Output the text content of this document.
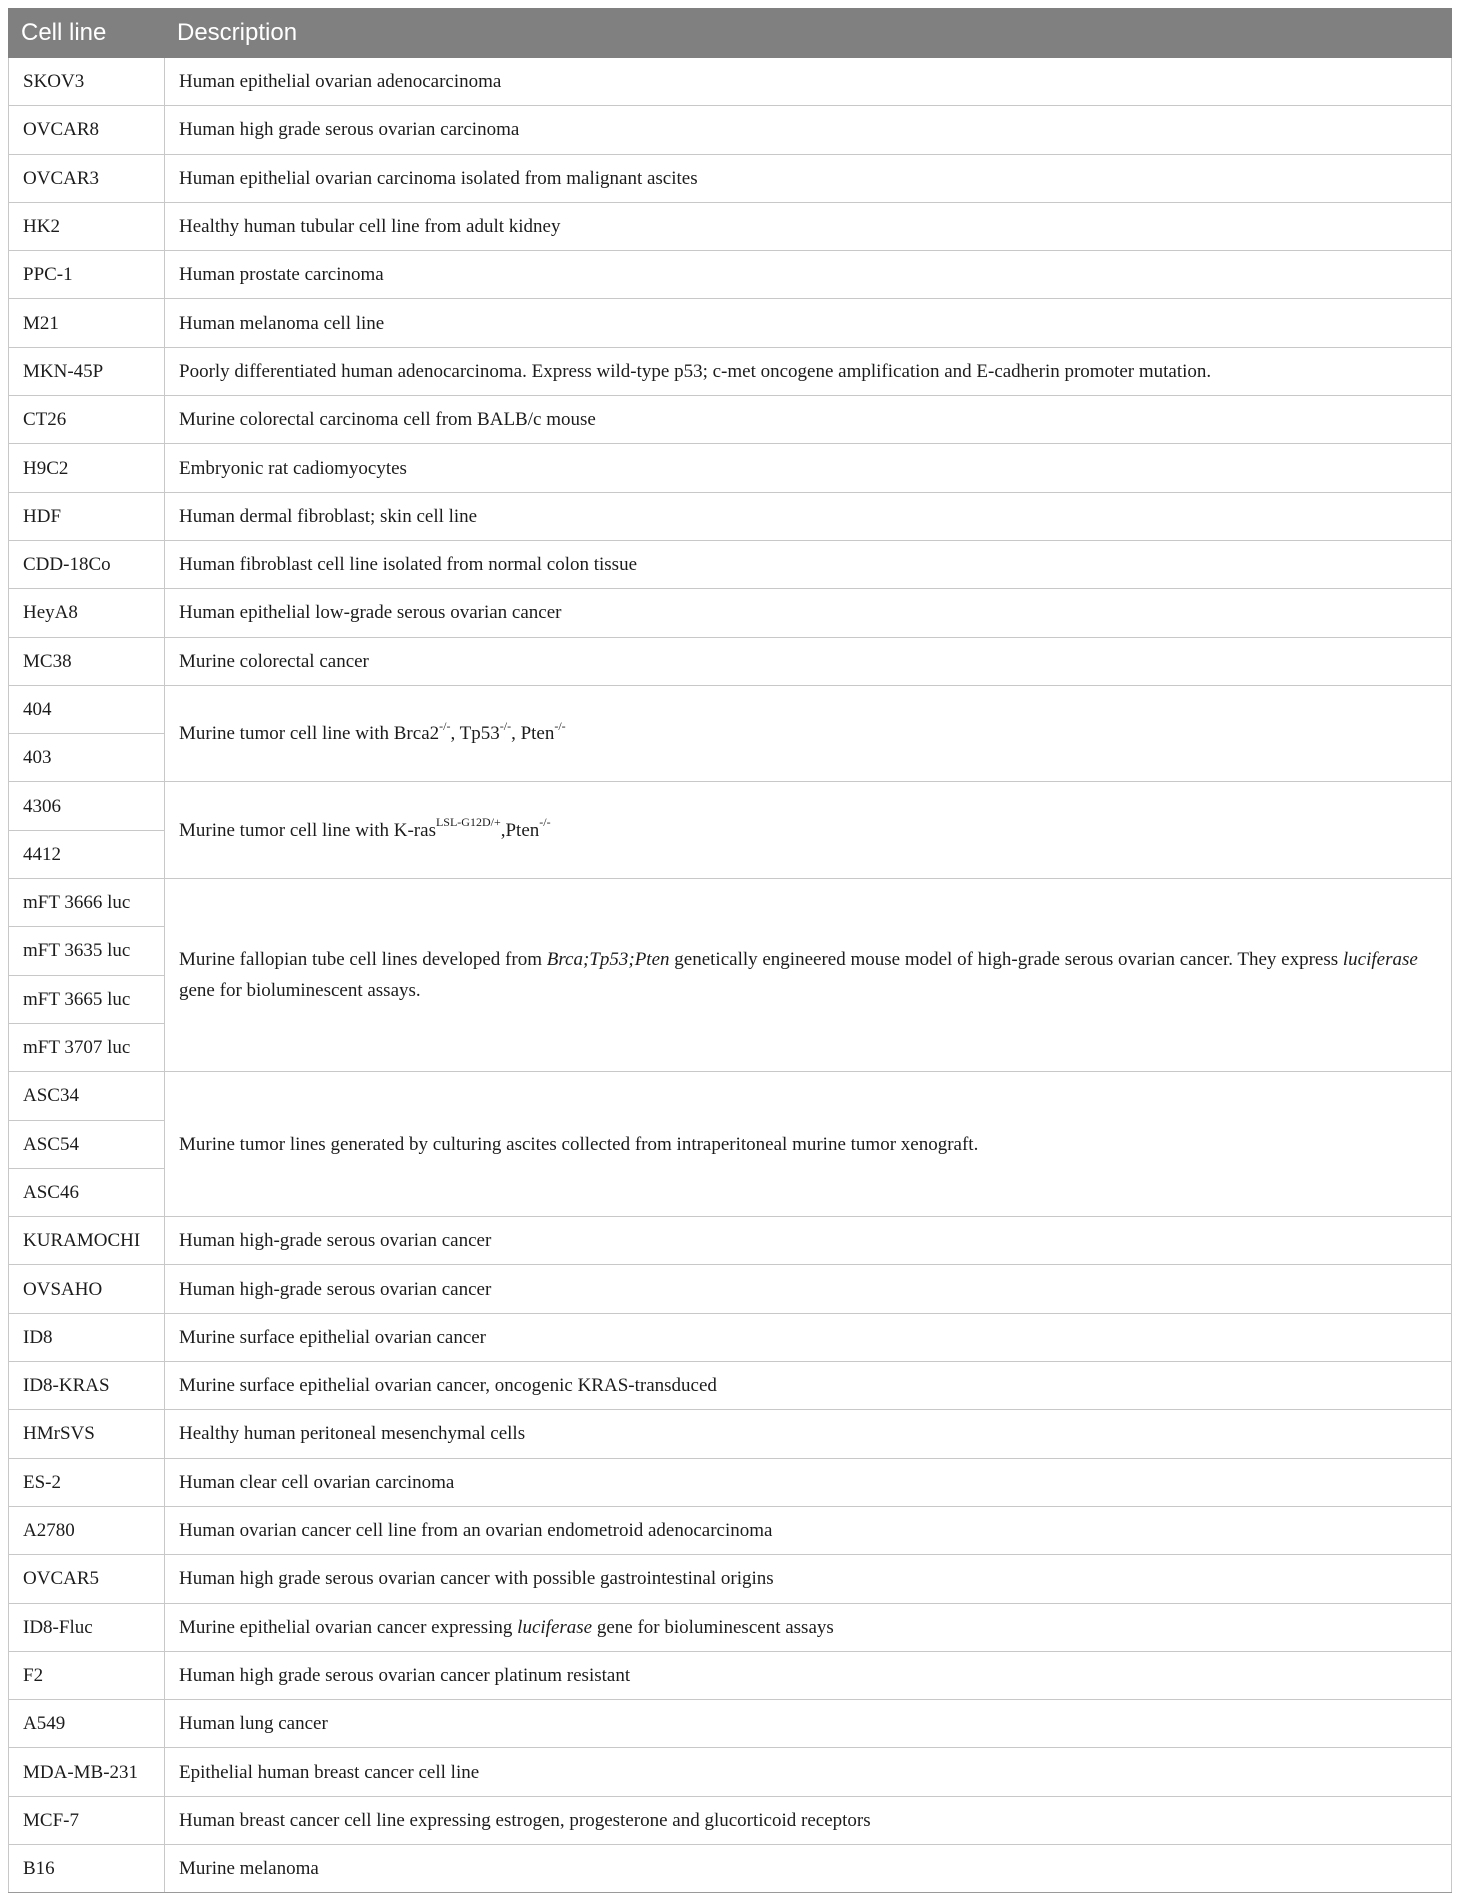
Cell line	Description
SKOV3	Human epithelial ovarian adenocarcinoma
OVCAR8	Human high grade serous ovarian carcinoma
OVCAR3	Human epithelial ovarian carcinoma isolated from malignant ascites
HK2	Healthy human tubular cell line from adult kidney
PPC-1	Human prostate carcinoma
M21	Human melanoma cell line
MKN-45P	Poorly differentiated human adenocarcinoma. Express wild-type p53; c-met oncogene amplification and E-cadherin promoter mutation.
CT26	Murine colorectal carcinoma cell from BALB/c mouse
H9C2	Embryonic rat cadiomyocytes
HDF	Human dermal fibroblast; skin cell line
CDD-18Co	Human fibroblast cell line isolated from normal colon tissue
HeyA8	Human epithelial low-grade serous ovarian cancer
MC38	Murine colorectal cancer
404	Murine tumor cell line with Brca2-/-, Tp53-/-, Pten-/-
403	
4306	Murine tumor cell line with K-ras$^{LSL-G12D/+}$,Pten-/-
4412	
mFT 3666 luc	Murine fallopian tube cell lines developed from Brca;Tp53;Pten genetically engineered mouse model of high-grade serous ovarian cancer. They express luciferase gene for bioluminescent assays.
mFT 3635 luc	
mFT 3665 luc	
mFT 3707 luc	
ASC34	Murine tumor lines generated by culturing ascites collected from intraperitoneal murine tumor xenograft.
ASC54	
ASC46	
KURAMOCHI	Human high-grade serous ovarian cancer
OVSAHO	Human high-grade serous ovarian cancer
ID8	Murine surface epithelial ovarian cancer
ID8-KRAS	Murine surface epithelial ovarian cancer, oncogenic KRAS-transduced
HMrSVS	Healthy human peritoneal mesenchymal cells
ES-2	Human clear cell ovarian carcinoma
A2780	Human ovarian cancer cell line from an ovarian endometroid adenocarcinoma
OVCAR5	Human high grade serous ovarian cancer with possible gastrointestinal origins
ID8-Fluc	Murine epithelial ovarian cancer expressing luciferase gene for bioluminescent assays
F2	Human high grade serous ovarian cancer platinum resistant
A549	Human lung cancer
MDA-MB-231	Epithelial human breast cancer cell line
MCF-7	Human breast cancer cell line expressing estrogen, progesterone and glucorticoid receptors
B16	Murine melanoma
